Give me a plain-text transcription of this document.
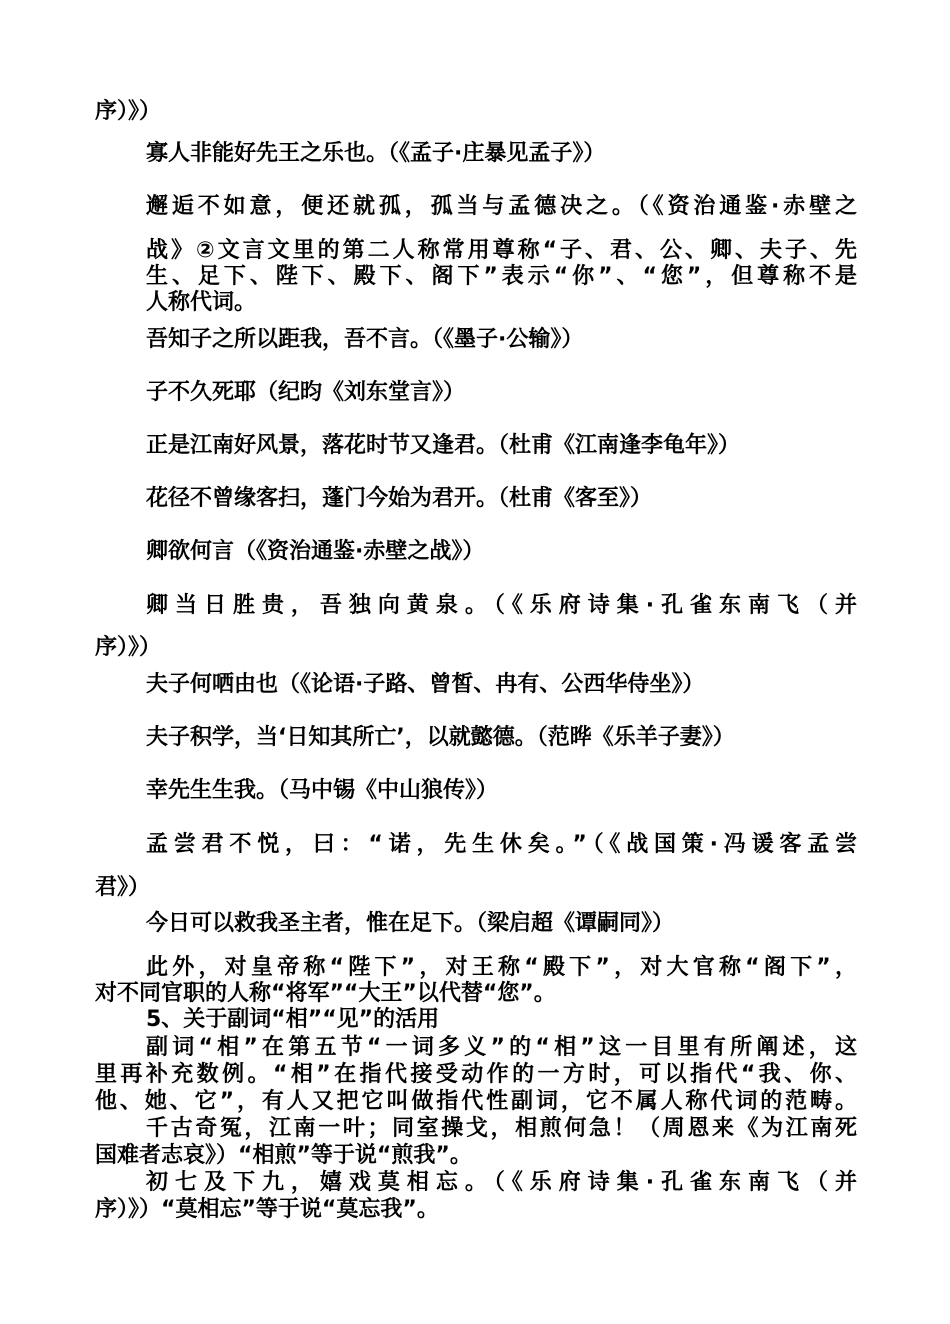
序）》）
寡人非能好先王之乐也。（《孟子·庄暴见孟子》）
邂逅不如意，便还就孤，孤当与孟德决之。（《资治通鉴·赤壁之
战》②文言文里的第二人称常用尊称“子、君、公、卿、夫子、先
生、足下、陛下、殿下、阁下”表示“你”、“您”，但尊称不是
人称代词。
吾知子之所以距我，吾不言。（《墨子·公输》）
子不久死耶（纪昀《刘东堂言》）
正是江南好风景，落花时节又逢君。（杜甫《江南逢李龟年》）
花径不曾缘客扫，蓬门今始为君开。（杜甫《客至》）
卿欲何言（《资治通鉴·赤壁之战》）
卿当日胜贵，吾独向黄泉。（《乐府诗集·孔雀东南飞（并
序）》）
夫子何哂由也（《论语·子路、曾皙、冉有、公西华侍坐》）
夫子积学，当‘日知其所亡’，以就懿德。（范晔《乐羊子妻》）
幸先生生我。（马中锡《中山狼传》）
孟尝君不悦，曰：“诺，先生休矣。”（《战国策·冯谖客孟尝
君》）
今日可以救我圣主者，惟在足下。（梁启超《谭嗣同》）
此外，对皇帝称“陛下”，对王称“殿下”，对大官称“阁下”，
对不同官职的人称“将军”“大王”以代替“您”。
5、关于副词“相”“见”的活用
副词“相”在第五节“一词多义”的“相”这一目里有所阐述，这
里再补充数例。“相”在指代接受动作的一方时，可以指代“我、你、
他、她、它”，有人又把它叫做指代性副词，它不属人称代词的范畴。
千古奇冤，江南一叶；同室操戈，相煎何急！（周恩来《为江南死
国难者志哀》）“相煎”等于说“煎我”。
初七及下九，嬉戏莫相忘。（《乐府诗集·孔雀东南飞（并
序）》）“莫相忘”等于说“莫忘我”。
